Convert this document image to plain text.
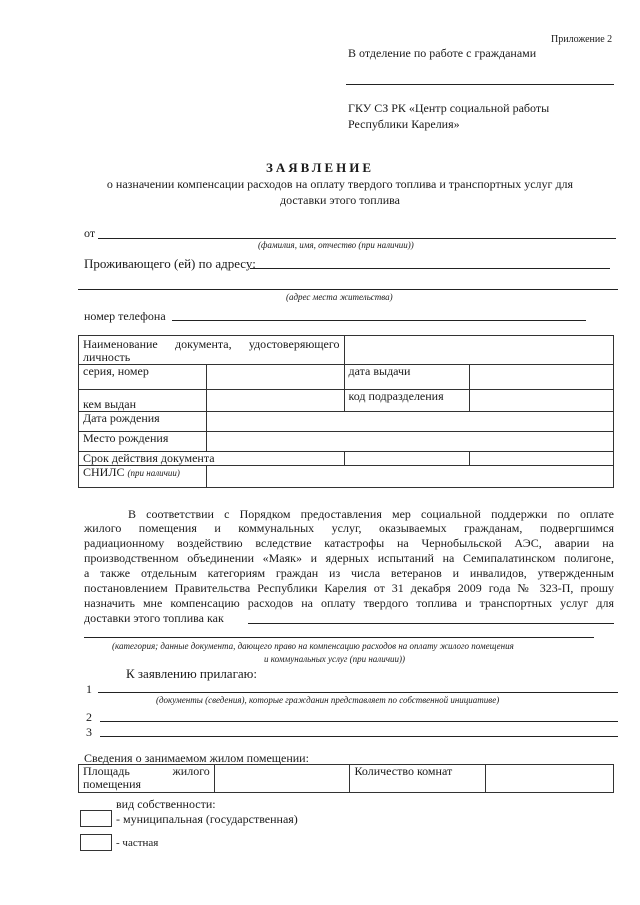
Приложение 2
В отделение по работе с гражданами
ГКУ СЗ РК «Центр социальной работы
Республики Карелия»
ЗАЯВЛЕНИЕ
о назначении компенсации расходов на оплату твердого топлива и транспортных услуг для
доставки этого топлива
от
(фамилия, имя, отчество (при наличии))
Проживающего (ей) по адресу:
(адрес места жительства)
номер телефона
Наименование документа, удостоверяющего личность			
серия, номер		дата выдачи	
кем выдан		код подразделения	
Дата рождения			
Место рождения			
Срок действия документа			
СНИЛС (при наличии)			
В соответствии с Порядком предоставления мер социальной поддержки по оплате
жилого помещения и коммунальных услуг, оказываемых гражданам, подвергшимся
радиационному воздействию вследствие катастрофы на Чернобыльской АЭС, аварии на
производственном объединении «Маяк» и ядерных испытаний на Семипалатинском полигоне,
а также отдельным категориям граждан из числа ветеранов и инвалидов, утвержденным
постановлением Правительства Республики Карелия от 31 декабря 2009 года № 323-П, прошу
назначить мне компенсацию расходов на оплату твердого топлива и транспортных услуг для
доставки этого топлива как
(категория; данные документа, дающего право на компенсацию расходов на оплату жилого помещения
и коммунальных услуг (при наличии))
К заявлению прилагаю:
1
(документы (сведения), которые гражданин представляет по собственной инициативе)
2
3
Сведения о занимаемом жилом помещении:
Площадь жилого помещения		Количество комнат	
вид собственности:
- муниципальная (государственная)
- частная
